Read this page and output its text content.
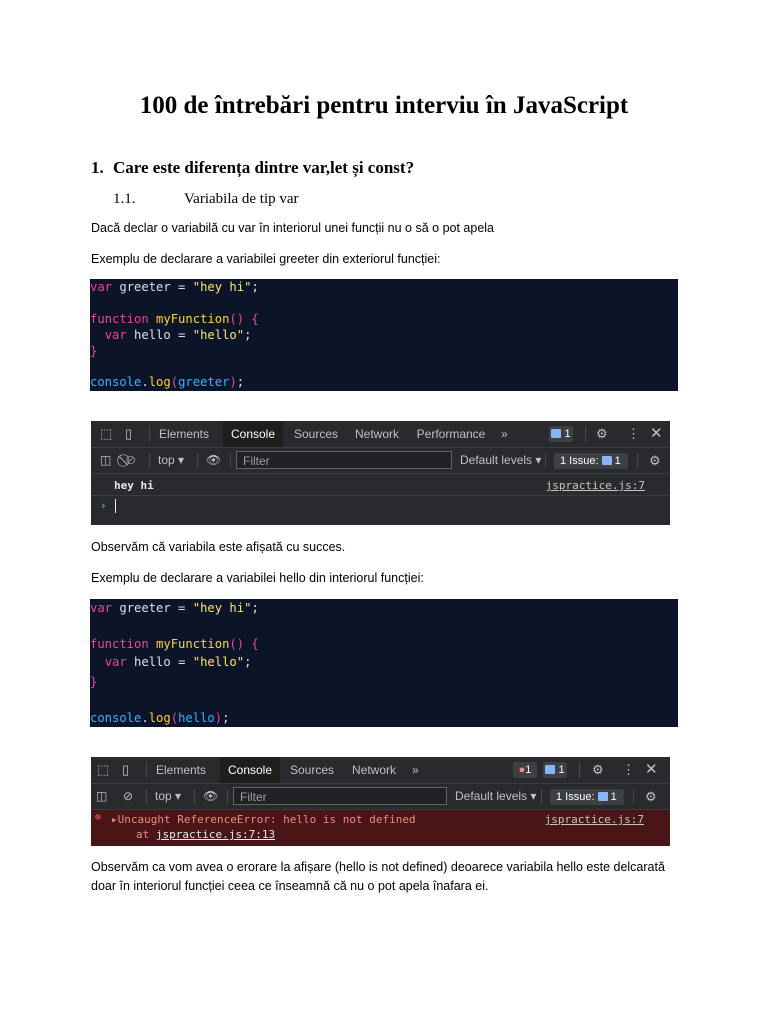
100 de întrebări pentru interviu în JavaScript
1. Care este diferența dintre var,let și const?
1.1.	Variabila de tip var
Dacă declar o variabilă cu var în interiorul unei funcții nu o să o pot apela
Exemplu de declarare a variabilei greeter din exteriorul funcției:
var greeter = "hey hi";
function myFunction() {
var hello = "hello";
}
console.log(greeter);
⬚ ▯	Elements	Console	Sources	Network	Performance »	1 ⚙ ⋮ ✕
◫ ⃠⊘ top ▾ 👁	Filter	Default levels ▾	1 Issue: 1	⚙
hey hi	jspractice.js:7
›
Observăm că variabila este afișată cu succes.
Exemplu de declarare a variabilei hello din interiorul funcției:
var greeter = "hey hi";
function myFunction() {
var hello = "hello";
}
console.log(hello);
⬚ ▯ Elements	Console	Sources	Network	»	●1	1 ⚙ ⋮ ✕
◫ ⊘ top ▾ 👁	Filter	Default levels ▾	1 Issue: 1	⚙
⊗ ▸Uncaught ReferenceError: hello is not defined
at jspractice.js:7:13
jspractice.js:7
Observăm ca vom avea o erorare la afișare (hello is not defined) deoarece variabila hello este delcarată
doar în interiorul funcției ceea ce înseamnă că nu o pot apela înafara ei.
